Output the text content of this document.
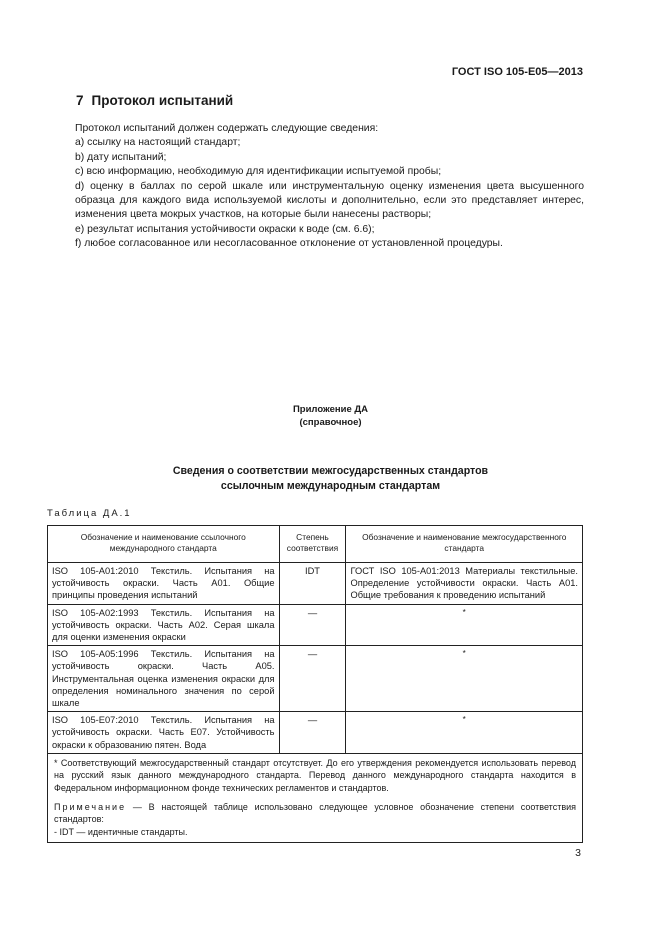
ГОСТ ISO 105-E05—2013
7 Протокол испытаний

Протокол испытаний должен содержать следующие сведения:

a) ссылку на настоящий стандарт;

b) дату испытаний;

c) всю информацию, необходимую для идентификации испытуемой пробы;

d) оценку в баллах по серой шкале или инструментальную оценку изменения цвета высушенного образца для каждого вида используемой кислоты и дополнительно, если это представляет интерес, изменения цвета мокрых участков, на которые были нанесены растворы;

e) результат испытания устойчивости окраски к воде (см. 6.6);

f) любое согласованное или несогласованное отклонение от установленной процедуры.

Приложение ДА
(справочное)
Сведения о соответствии межгосударственных стандартов
ссылочным международным стандартам
Таблица ДА.1
Обозначение и наименование ссылочного международного стандарта	Степень соответствия	Обозначение и наименование межгосударственного стандарта
ISO 105-A01:2010 Текстиль. Испытания на устойчивость окраски. Часть A01. Общие принципы проведения испытаний	IDT	ГОСТ ISO 105-A01:2013 Материалы текстильные. Определение устойчивости окраски. Часть A01. Общие требования к проведению испытаний
ISO 105-A02:1993 Текстиль. Испытания на устойчивость окраски. Часть A02. Серая шкала для оценки изменения окраски	—	*
ISO 105-A05:1996 Текстиль. Испытания на устойчивость окраски. Часть A05. Инструментальная оценка изменения окраски для определения номинального значения по серой шкале	—	*
ISO 105-E07:2010 Текстиль. Испытания на устойчивость окраски. Часть E07. Устойчивость окраски к образованию пятен. Вода	—	*

* Соответствующий межгосударственный стандарт отсутствует. До его утверждения рекомендуется использовать перевод на русский язык данного международного стандарта. Перевод данного международного стандарта находится в Федеральном информационном фонде технических регламентов и стандартов.

Примечание — В настоящей таблице использовано следующее условное обозначение степени соответствия стандартов:

- IDT — идентичные стандарты.		

3
